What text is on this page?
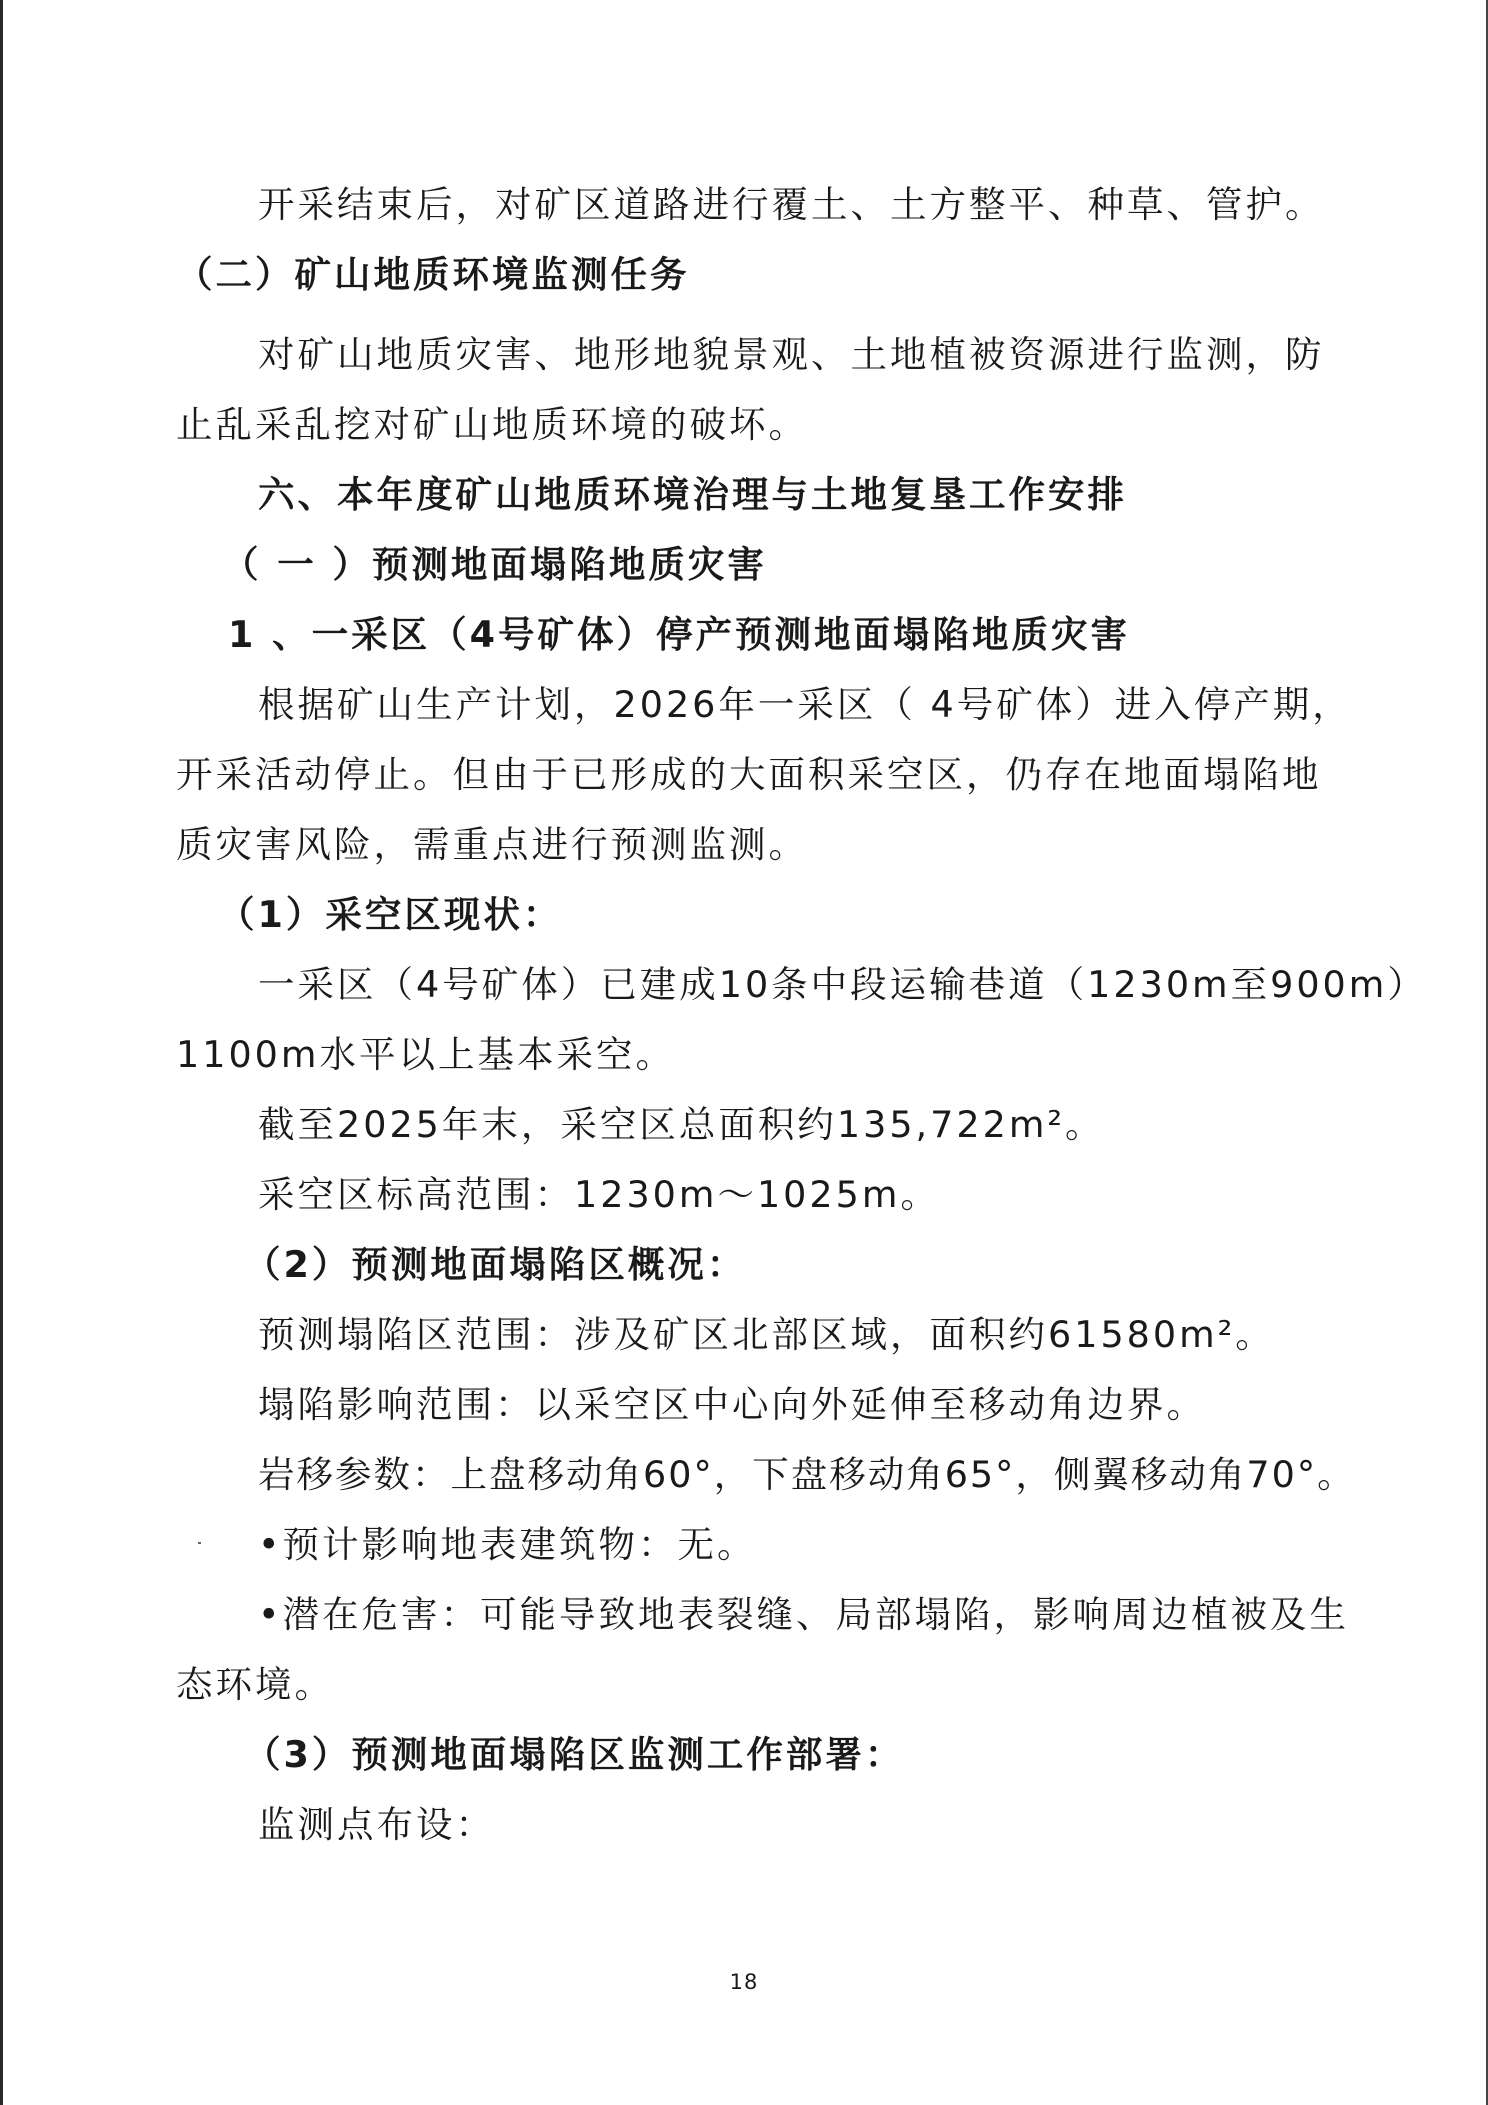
开采结束后，对矿区道路进行覆土、土方整平、种草、管护。
（二）矿山地质环境监测任务
对矿山地质灾害、地形地貌景观、土地植被资源进行监测，防
止乱采乱挖对矿山地质环境的破坏。
六、本年度矿山地质环境治理与土地复垦工作安排
（ 一 ）预测地面塌陷地质灾害
1 、一采区（4号矿体）停产预测地面塌陷地质灾害
根据矿山生产计划，2026年一采区（ 4号矿体）进入停产期，
开采活动停止。但由于已形成的大面积采空区，仍存在地面塌陷地
质灾害风险，需重点进行预测监测。
（1）采空区现状：
一采区（4号矿体）已建成10条中段运输巷道（1230m至900m）
1100m水平以上基本采空。
截至2025年末，采空区总面积约135,722m²。
采空区标高范围：1230m～1025m。
（2）预测地面塌陷区概况：
预测塌陷区范围：涉及矿区北部区域，面积约61580m²。
塌陷影响范围：以采空区中心向外延伸至移动角边界。
岩移参数：上盘移动角60°，下盘移动角65°，侧翼移动角70°。
•预计影响地表建筑物：无。
•潜在危害：可能导致地表裂缝、局部塌陷，影响周边植被及生
态环境。
（3）预测地面塌陷区监测工作部署：
监测点布设：
18
